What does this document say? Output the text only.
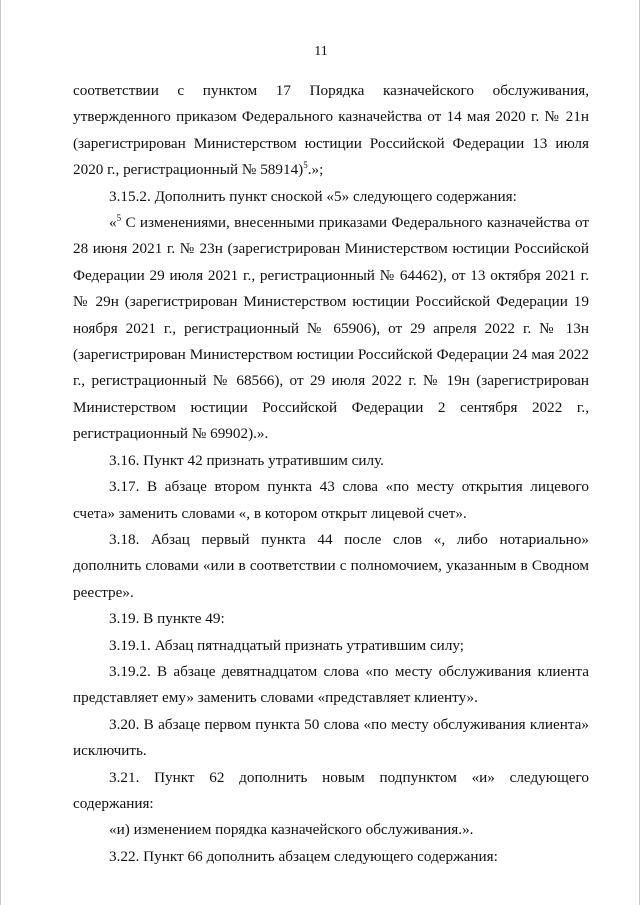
11

соответствии с пунктом 17 Порядка казначейского обслуживания, утвержденного приказом Федерального казначейства от 14 мая 2020 г. № 21н (зарегистрирован Министерством юстиции Российской Федерации 13 июля 2020 г., регистрационный № 58914)$^5$.»;

3.15.2. Дополнить пункт сноской «5» следующего содержания:

«$^5$ С изменениями, внесенными приказами Федерального казначейства от 28 июня 2021 г. № 23н (зарегистрирован Министерством юстиции Российской Федерации 29 июля 2021 г., регистрационный № 64462), от 13 октября 2021 г. № 29н (зарегистрирован Министерством юстиции Российской Федерации 19 ноября 2021 г., регистрационный № 65906), от 29 апреля 2022 г. № 13н (зарегистрирован Министерством юстиции Российской Федерации 24 мая 2022 г., регистрационный № 68566), от 29 июля 2022 г. № 19н (зарегистрирован Министерством юстиции Российской Федерации 2 сентября 2022 г., регистрационный № 69902).».

3.16. Пункт 42 признать утратившим силу.

3.17. В абзаце втором пункта 43 слова «по месту открытия лицевого счета» заменить словами «, в котором открыт лицевой счет».

3.18. Абзац первый пункта 44 после слов «, либо нотариально» дополнить словами «или в соответствии с полномочием, указанным в Сводном реестре».

3.19. В пункте 49:

3.19.1. Абзац пятнадцатый признать утратившим силу;

3.19.2. В абзаце девятнадцатом слова «по месту обслуживания клиента представляет ему» заменить словами «представляет клиенту».

3.20. В абзаце первом пункта 50 слова «по месту обслуживания клиента» исключить.

3.21. Пункт 62 дополнить новым подпунктом «и» следующего содержания:

«и) изменением порядка казначейского обслуживания.».

3.22. Пункт 66 дополнить абзацем следующего содержания:
